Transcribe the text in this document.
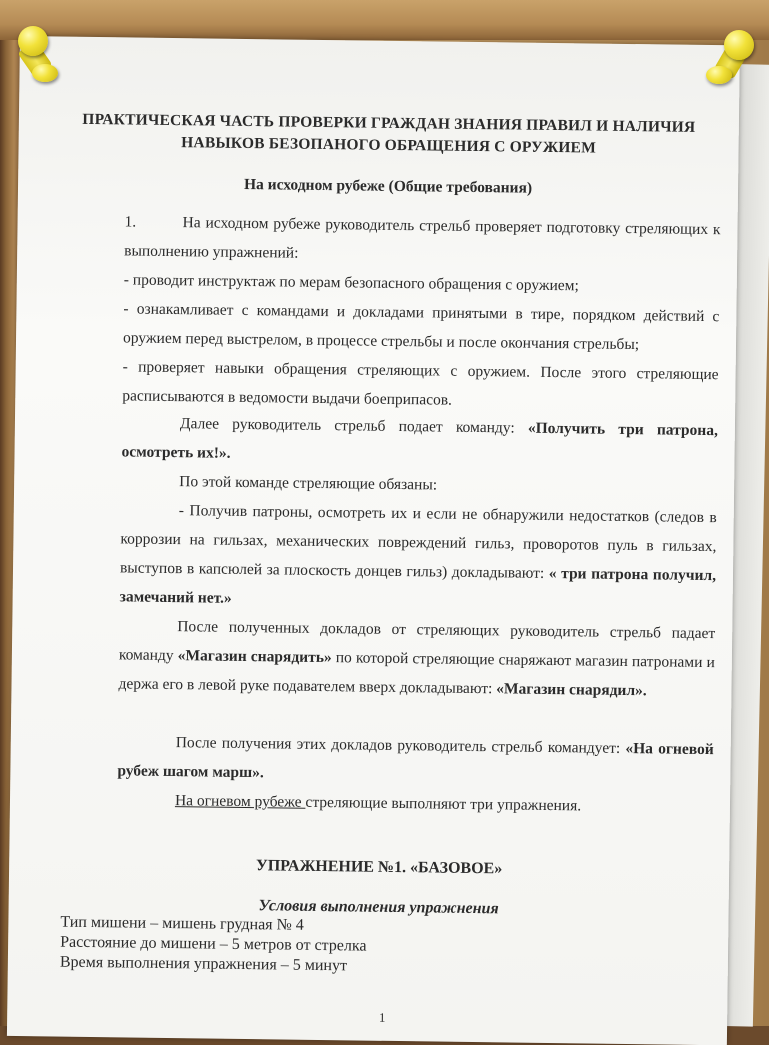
ПРАКТИЧЕСКАЯ ЧАСТЬ ПРОВЕРКИ ГРАЖДАН ЗНАНИЯ ПРАВИЛ И НАЛИЧИЯ НАВЫКОВ БЕЗОПАНОГО ОБРАЩЕНИЯ С ОРУЖИЕМ
На исходном рубеже (Общие требования)
1.	На исходном рубеже руководитель стрельб проверяет подготовку стреляющих к выполнению упражнений:
- проводит инструктаж по мерам безопасного обращения с оружием;
- ознакамливает с командами и докладами принятыми в тире, порядком действий с оружием перед выстрелом, в процессе стрельбы и после окончания стрельбы;
- проверяет навыки обращения стреляющих с оружием. После этого стреляющие расписываются в ведомости выдачи боеприпасов.
Далее руководитель стрельб подает команду: «Получить три патрона, осмотреть их!».
По этой команде стреляющие обязаны:
- Получив патроны, осмотреть их и если не обнаружили недостатков (следов в коррозии на гильзах, механических повреждений гильз, проворотов пуль в гильзах, выступов в капсюлей за плоскость донцев гильз) докладывают: « три патрона получил, замечаний нет.»
После полученных докладов от стреляющих руководитель стрельб падает команду «Магазин снарядить» по которой стреляющие снаряжают магазин патронами и держа его в левой руке подавателем вверх докладывают: «Магазин снарядил».
После получения этих докладов руководитель стрельб командует: «На огневой рубеж шагом марш».
На огневом рубеже стреляющие выполняют три упражнения.
УПРАЖНЕНИЕ №1. «БАЗОВОЕ»
Условия выполнения упражнения
Тип мишени – мишень грудная № 4
Расстояние до мишени – 5 метров от стрелка
Время выполнения упражнения – 5 минут
1
